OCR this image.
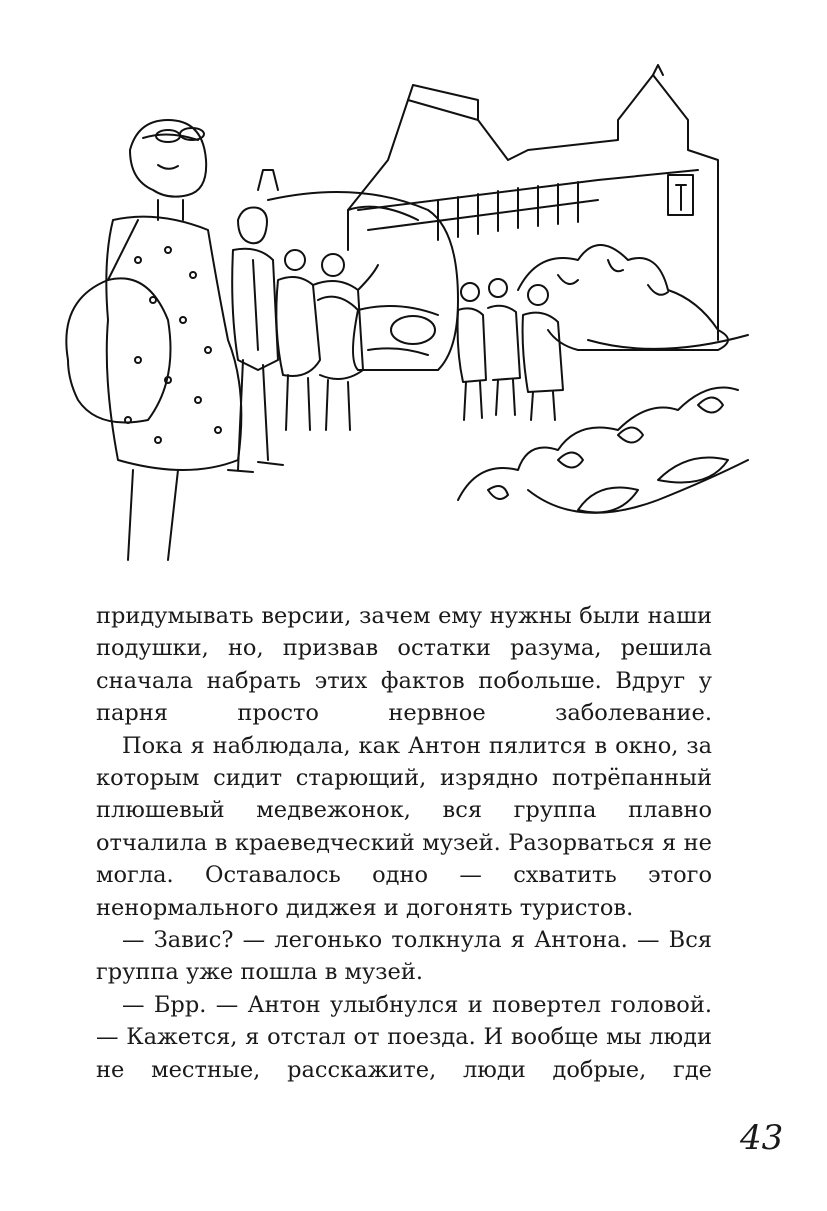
придумывать версии, зачем ему нужны были наши подушки, но, призвав остатки разума, решила сначала набрать этих фактов побольше. Вдруг у парня просто нервное заболевание.

Пока я наблюдала, как Антон пялится в окно, за которым сидит старющий, изрядно потрёпанный плюшевый медвежонок, вся группа плавно отчалила в краеведческий музей. Разорваться я не могла. Оставалось одно — схватить этого ненормального диджея и догонять туристов.

— Завис? — легонько толкнула я Антона. — Вся группа уже пошла в музей.

— Брр. — Антон улыбнулся и повертел головой. — Кажется, я отстал от поезда. И вообще мы люди не местные, расскажите, люди добрые, где

43
